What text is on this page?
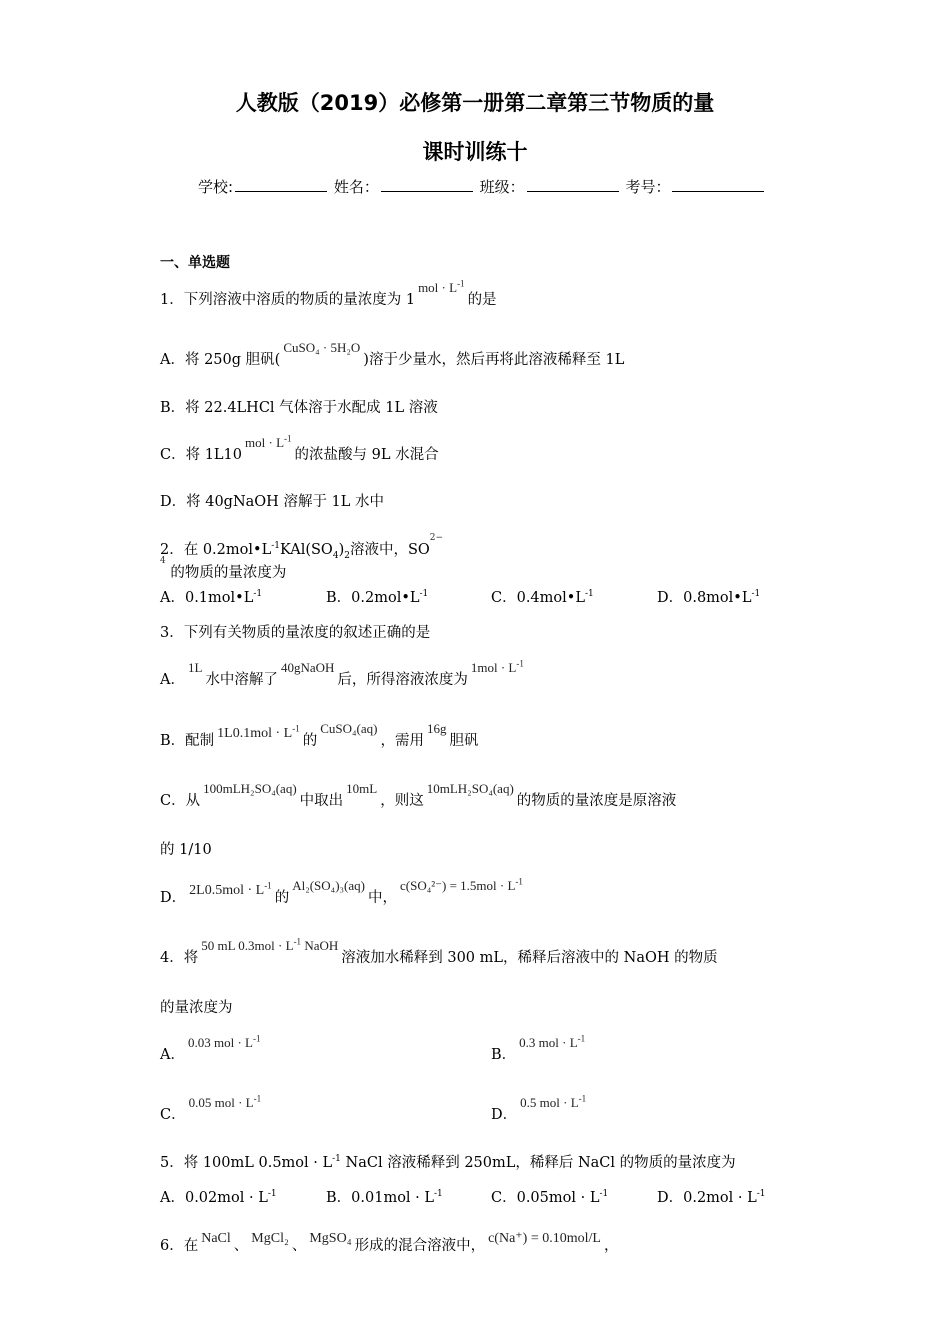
人教版（2019）必修第一册第二章第三节物质的量
课时训练十
学校:	姓名：	班级：	考号：
一、单选题
1．下列溶液中溶质的物质的量浓度为 $1mol \cdot L^{-1}$的是
A．将 250g 胆矾(CuSO₄ · 5H₂O)溶于少量水，然后再将此溶液稀释至 1L
B．将 22.4LHCl 气体溶于水配成 1L 溶液
C．将 $1L10mol \cdot L^{-1}$的浓盐酸与 9L 水混合
D．将 40gNaOH 溶解于 1L 水中
2．在 $0.2mol•L^{-1}KAl(SO_4)_2$溶液中，$SO^{2- 4}$ 的物质的量浓度为
A．$0.1mol•L^{-1}$	B．$0.2mol•L^{-1}$	C．$0.4mol•L^{-1}$	D．$0.8mol•L^{-1}$
3．下列有关物质的量浓度的叙述正确的是
A．1L水中溶解了40gNaOH后，所得溶液浓度为$1mol \cdot L^{-1}$
B．配制 $1L0.1mol \cdot L^{-1}$的CuSO₄(aq)，需用16g胆矾
C．从100mLH₂SO₄(aq)中取出10mL，则这10mLH₂SO₄(aq)的物质的量浓度是原溶液
的 1/10
D． $2L0.5mol \cdot L^{-1}$的Al₂(SO₄)₃(aq)中，$c(SO_4^{2-}) = 1.5mol \cdot L^{-1}$
4．将50 mL $0.3mol \cdot L^{-1}$ NaOH溶液加水稀释到 300 mL，稀释后溶液中的 NaOH 的物质
的量浓度为
A．0.03 mol · $L^{-1}$
B．0.3 mol · $L^{-1}$
C．0.05 mol · $L^{-1}$
D．0.5 mol · $L^{-1}$
5．将 100mL $0.5mol \cdot L^{-1}$ NaCl 溶液稀释到 250mL，稀释后 NaCl 的物质的量浓度为
A．$0.02mol \cdot L^{-1}$	B．$0.01mol \cdot L^{-1}$	C．$0.05mol \cdot L^{-1}$	D．$0.2mol \cdot L^{-1}$
6．在 NaCl 、 MgCl₂ 、 MgSO₄ 形成的混合溶液中， c(Na⁺) = 0.10mol/L ，
